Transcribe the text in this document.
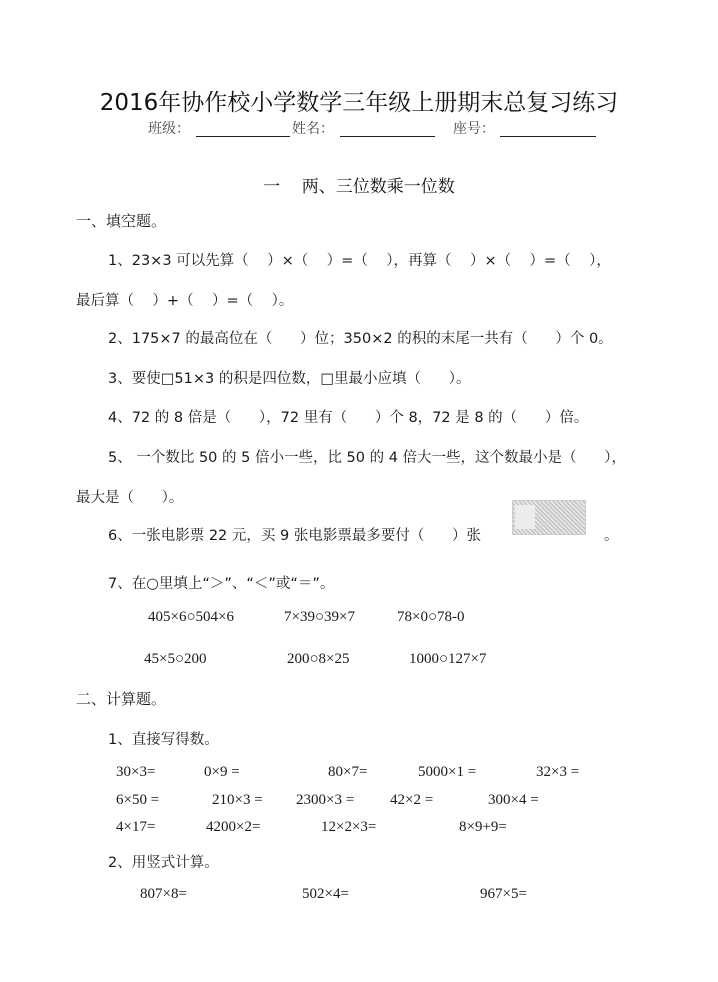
2016年协作校小学数学三年级上册期末总复习练习
班级：	姓名：	座号：
一    两、三位数乘一位数
一、填空题。
1、23×3 可以先算（    ）×（    ）=（    ），再算（    ）×（    ）=（    ），
最后算（    ）+（    ）=（    ）。
2、175×7 的最高位在（      ）位；350×2 的积的末尾一共有（      ）个 0。
3、要使□51×3 的积是四位数，□里最小应填（      ）。
4、72 的 8 倍是（      ），72 里有（      ）个 8，72 是 8 的（      ）倍。
5、 一个数比 50 的 5 倍小一些，比 50 的 4 倍大一些，这个数最小是（      ），
最大是（      ）。
6、一张电影票 22 元，买 9 张电影票最多要付（      ）张	。
7、在○里填上“＞”、“＜”或“＝”。
405×6○504×6	7×39○39×7	78×0○78-0
45×5○200	200○8×25	1000○127×7
二、计算题。
1、直接写得数。
30×3=	0×9 =	80×7=	5000×1 =	32×3 =
6×50 =	210×3 = 2300×3 = 42×2 =	300×4 =
4×17=	4200×2=	12×2×3=	8×9+9=
2、用竖式计算。
807×8=	502×4=	967×5=
